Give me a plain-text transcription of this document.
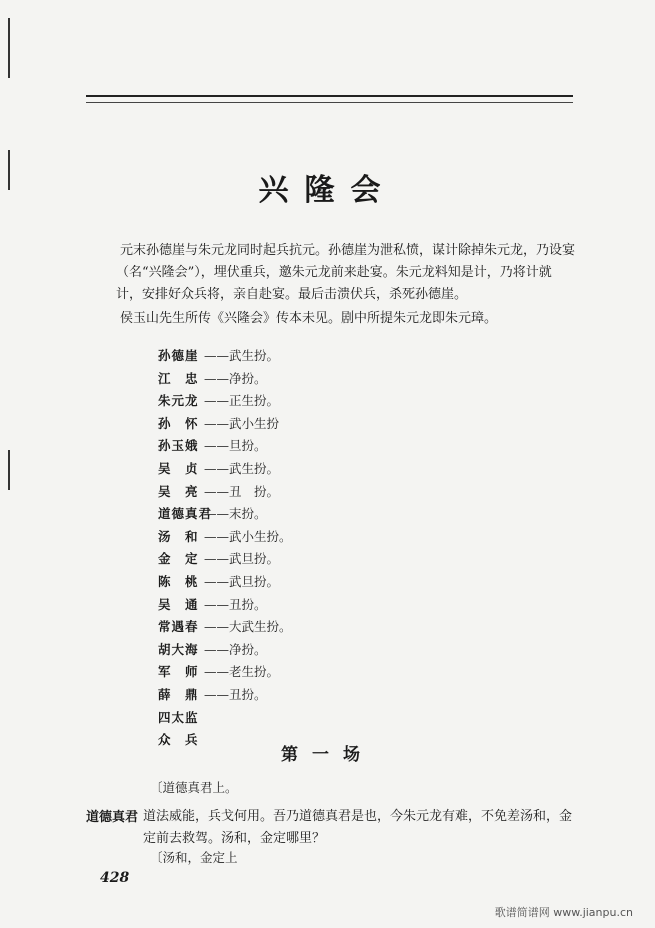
兴隆会

元末孙德崖与朱元龙同时起兵抗元。孙德崖为泄私愤，谋计除掉朱元龙，乃设宴（名“兴隆会”），埋伏重兵，邀朱元龙前来赴宴。朱元龙料知是计，乃将计就计，安排好众兵将，亲自赴宴。最后击溃伏兵，杀死孙德崖。

侯玉山先生所传《兴隆会》传本未见。剧中所提朱元龙即朱元璋。

孙德崖 ——武生扮。
江　忠 ——净扮。
朱元龙 ——正生扮。
孙　怀 ——武小生扮
孙玉娥 ——旦扮。
吴　贞 ——武生扮。
吴　亮 ——丑　扮。
道德真君——末扮。
汤　和 ——武小生扮。
金　定 ——武旦扮。
陈　桃 ——武旦扮。
吴　通 ——丑扮。
常遇春 ——大武生扮。
胡大海 ——净扮。
军　师 ——老生扮。
薛　鼎 ——丑扮。
四太监
众　兵
第一场
〔道德真君上。
道德真君 道法威能，兵戈何用。吾乃道德真君是也，今朱元龙有难，不免差汤和，金定前去救驾。汤和，金定哪里？
〔汤和，金定上
428
歌谱简谱网 www.jianpu.cn
